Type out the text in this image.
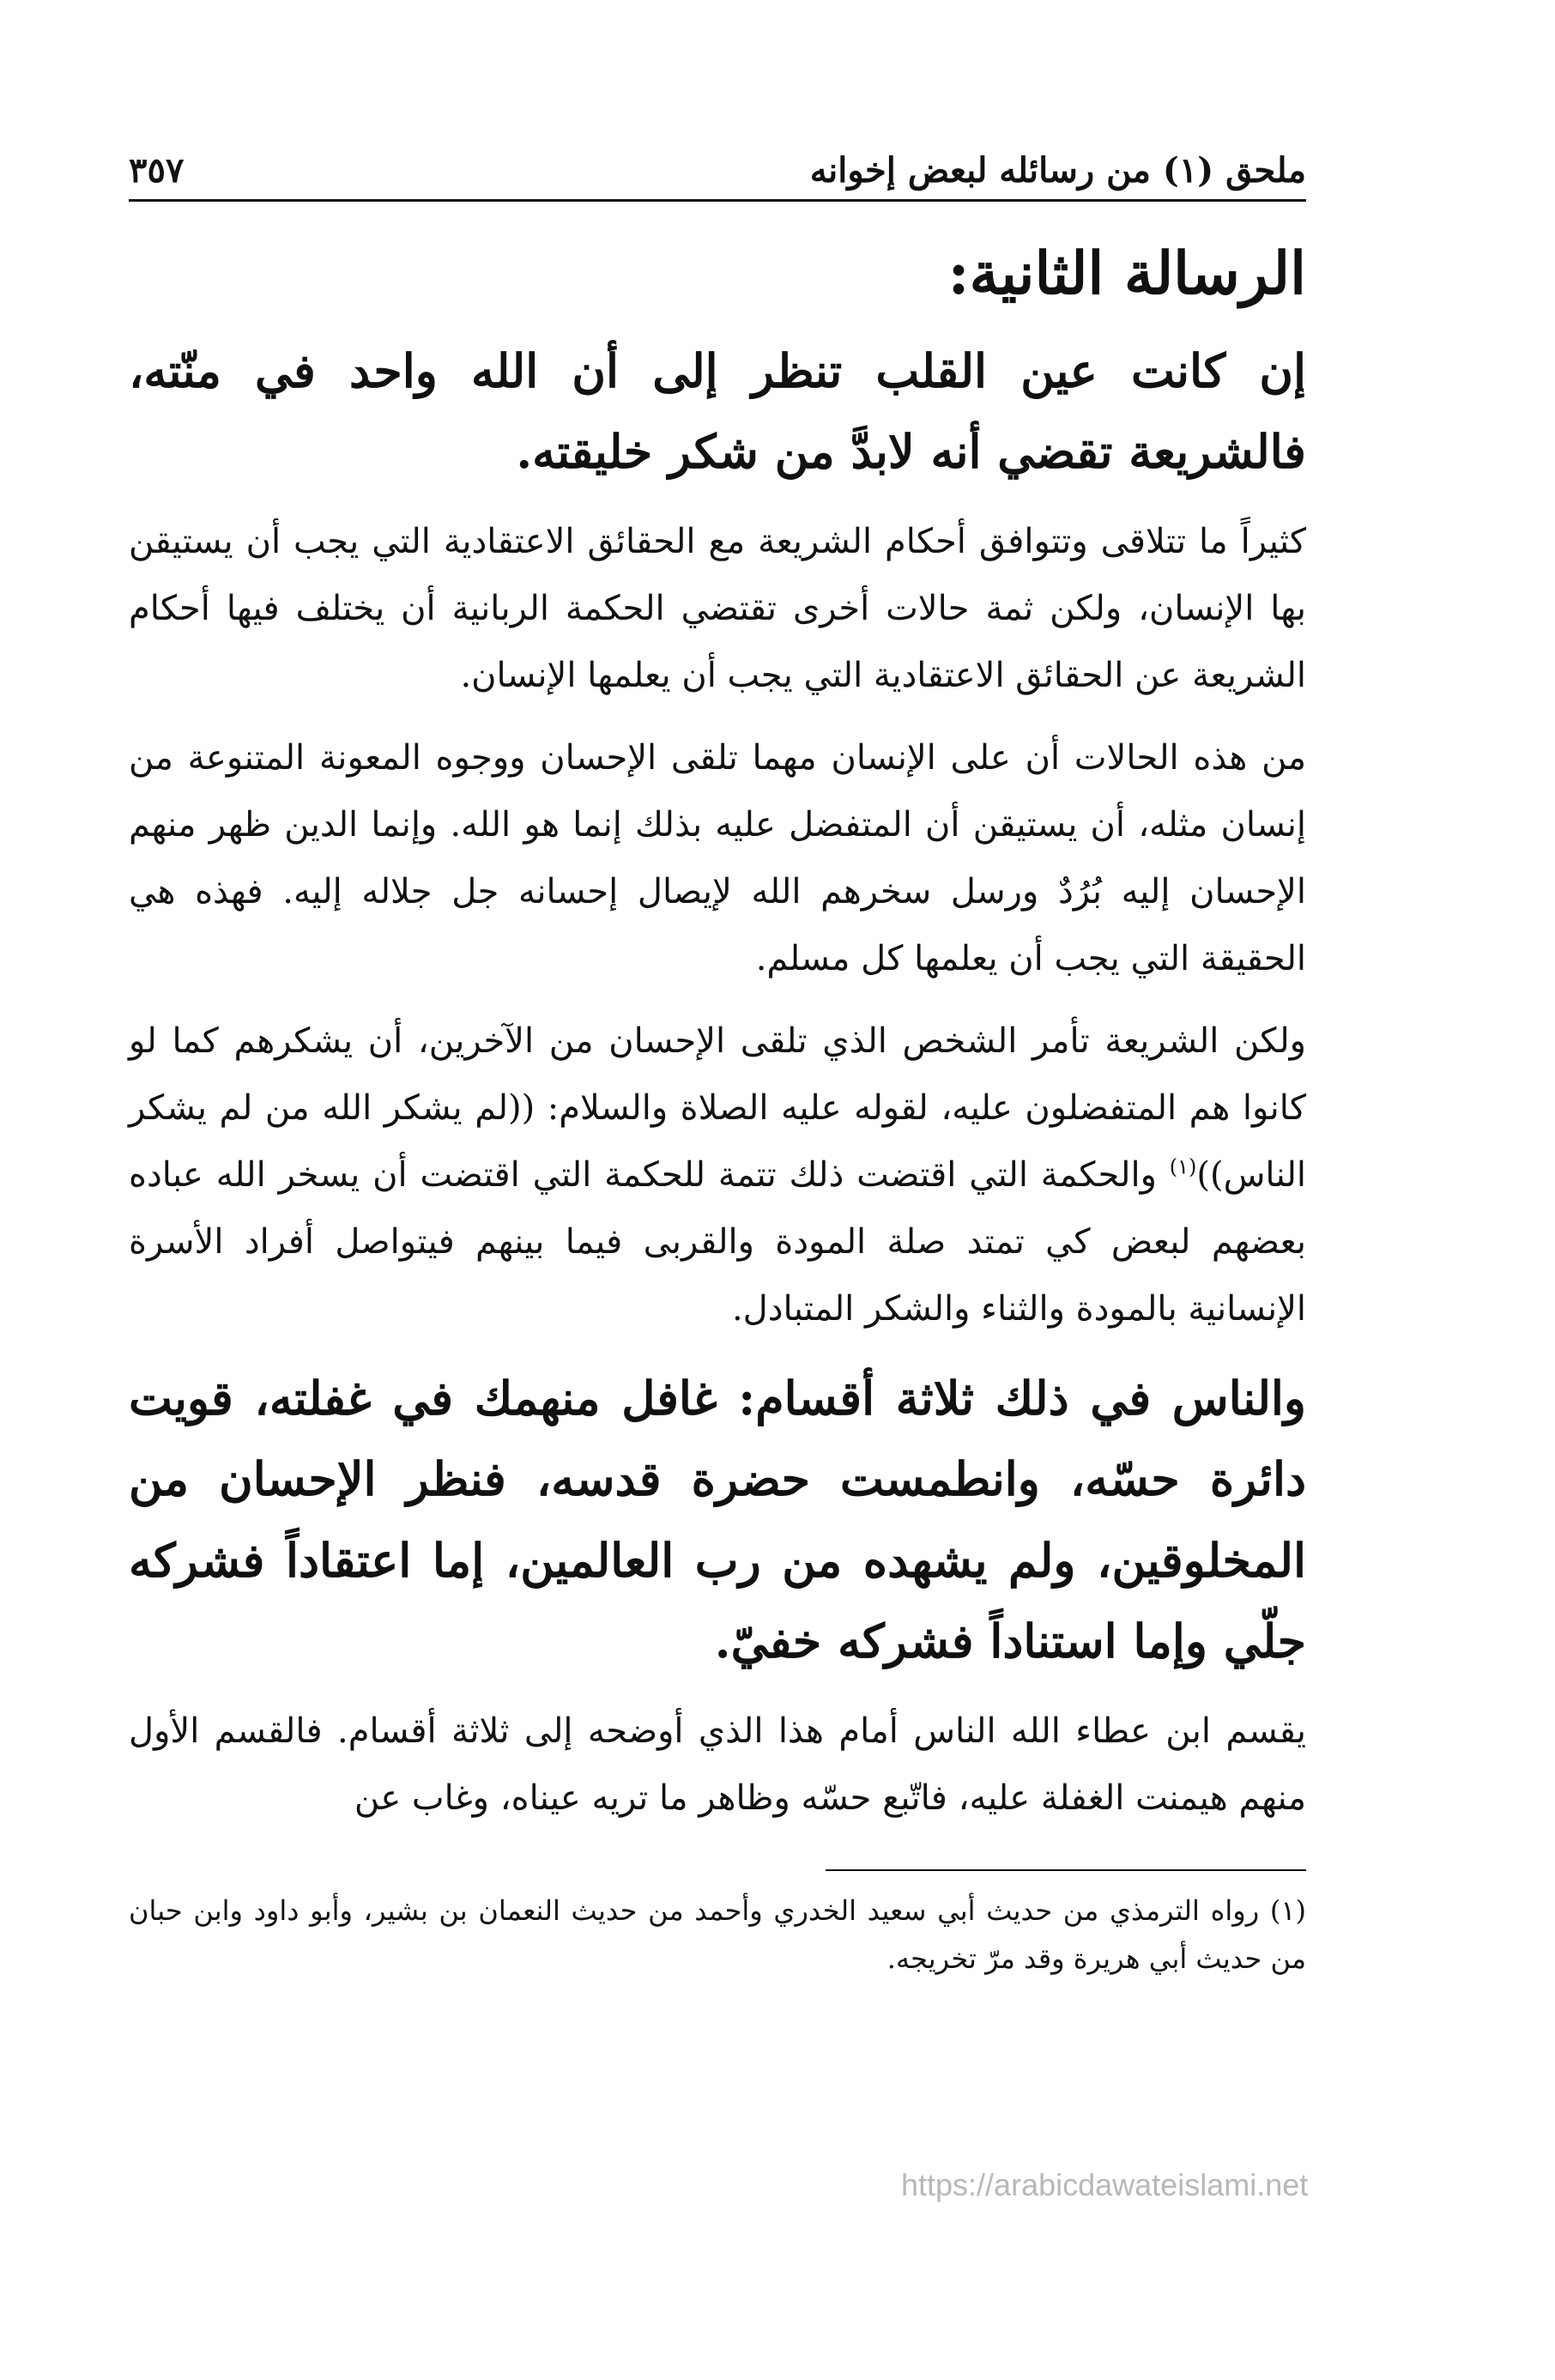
ملحق (١) من رسائله لبعض إخوانه
٣٥٧
الرسالة الثانية:

إن كانت عين القلب تنظر إلى أن الله واحد في منّته، فالشريعة تقضي أنه لابدَّ من شكر خليقته.

كثيراً ما تتلاقى وتتوافق أحكام الشريعة مع الحقائق الاعتقادية التي يجب أن يستيقن بها الإنسان، ولكن ثمة حالات أخرى تقتضي الحكمة الربانية أن يختلف فيها أحكام الشريعة عن الحقائق الاعتقادية التي يجب أن يعلمها الإنسان.

من هذه الحالات أن على الإنسان مهما تلقى الإحسان ووجوه المعونة المتنوعة من إنسان مثله، أن يستيقن أن المتفضل عليه بذلك إنما هو الله. وإنما الدين ظهر منهم الإحسان إليه بُرُدٌ ورسل سخرهم الله لإيصال إحسانه جل جلاله إليه. فهذه هي الحقيقة التي يجب أن يعلمها كل مسلم.

ولكن الشريعة تأمر الشخص الذي تلقى الإحسان من الآخرين، أن يشكرهم كما لو كانوا هم المتفضلون عليه، لقوله عليه الصلاة والسلام: ((لم يشكر الله من لم يشكر الناس))$^{(١)}$ والحكمة التي اقتضت ذلك تتمة للحكمة التي اقتضت أن يسخر الله عباده بعضهم لبعض كي تمتد صلة المودة والقربى فيما بينهم فيتواصل أفراد الأسرة الإنسانية بالمودة والثناء والشكر المتبادل.

والناس في ذلك ثلاثة أقسام: غافل منهمك في غفلته، قويت دائرة حسّه، وانطمست حضرة قدسه، فنظر الإحسان من المخلوقين، ولم يشهده من رب العالمين، إما اعتقاداً فشركه جلّي وإما استناداً فشركه خفيّ.

يقسم ابن عطاء الله الناس أمام هذا الذي أوضحه إلى ثلاثة أقسام. فالقسم الأول منهم هيمنت الغفلة عليه، فاتّبع حسّه وظاهر ما تريه عيناه، وغاب عن

(١) رواه الترمذي من حديث أبي سعيد الخدري وأحمد من حديث النعمان بن بشير، وأبو داود وابن حبان من حديث أبي هريرة وقد مرّ تخريجه.

https://arabicdawateislami.net
